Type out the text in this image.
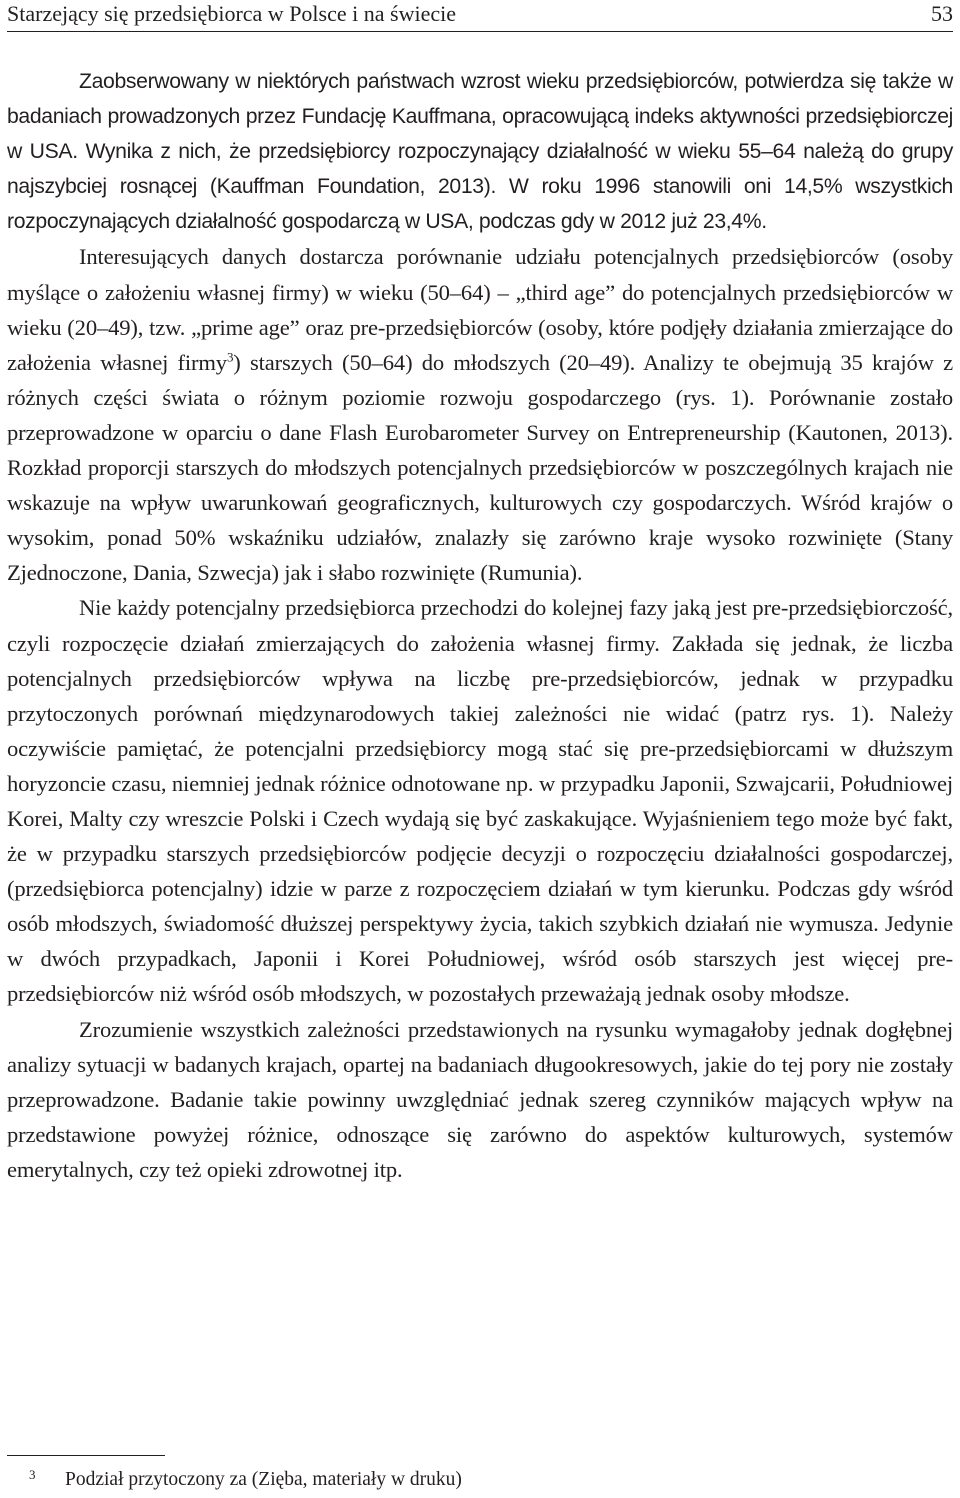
Starzejący się przedsiębiorca w Polsce i na świecie	53

Zaobserwowany w niektórych państwach wzrost wieku przedsiębiorców, potwierdza się także w badaniach prowadzonych przez Fundację Kauffmana, opracowującą indeks aktywności przedsiębiorczej w USA. Wynika z nich, że przedsiębiorcy rozpoczynający działalność w wieku 55–64 należą do grupy najszybciej rosnącej (Kauffman Foundation, 2013). W roku 1996 stanowili oni 14,5% wszystkich rozpoczynających działalność gospodarczą w USA, podczas gdy w 2012 już 23,4%.

Interesujących danych dostarcza porównanie udziału potencjalnych przedsiębiorców (osoby myślące o założeniu własnej firmy) w wieku (50–64) – „third age” do potencjalnych przedsiębiorców w wieku (20–49), tzw. „prime age” oraz pre-przedsiębiorców (osoby, które podjęły działania zmierzające do założenia własnej firmy$^3$) starszych (50–64) do młodszych (20–49). Analizy te obejmują 35 krajów z różnych części świata o różnym poziomie rozwoju gospodarczego (rys. 1). Porównanie zostało przeprowadzone w oparciu o dane Flash Eurobarometer Survey on Entrepreneurship (Kautonen, 2013). Rozkład proporcji starszych do młodszych potencjalnych przedsiębiorców w poszczególnych krajach nie wskazuje na wpływ uwarunkowań geograficznych, kulturowych czy gospodarczych. Wśród krajów o wysokim, ponad 50% wskaźniku udziałów, znalazły się zarówno kraje wysoko rozwinięte (Stany Zjednoczone, Dania, Szwecja) jak i słabo rozwinięte (Rumunia).

Nie każdy potencjalny przedsiębiorca przechodzi do kolejnej fazy jaką jest pre-przedsiębiorczość, czyli rozpoczęcie działań zmierzających do założenia własnej firmy. Zakłada się jednak, że liczba potencjalnych przedsiębiorców wpływa na liczbę pre-przedsiębiorców, jednak w przypadku przytoczonych porównań międzynarodowych takiej zależności nie widać (patrz rys. 1). Należy oczywiście pamiętać, że potencjalni przedsiębiorcy mogą stać się pre-przedsiębiorcami w dłuższym horyzoncie czasu, niemniej jednak różnice odnotowane np. w przypadku Japonii, Szwajcarii, Południowej Korei, Malty czy wreszcie Polski i Czech wydają się być zaskakujące. Wyjaśnieniem tego może być fakt, że w przypadku starszych przedsiębiorców podjęcie decyzji o rozpoczęciu działalności gospodarczej, (przedsiębiorca potencjalny) idzie w parze z rozpoczęciem działań w tym kierunku. Podczas gdy wśród osób młodszych, świadomość dłuższej perspektywy życia, takich szybkich działań nie wymusza. Jedynie w dwóch przypadkach, Japonii i Korei Południowej, wśród osób starszych jest więcej pre-przedsiębiorców niż wśród osób młodszych, w pozostałych przeważają jednak osoby młodsze.

Zrozumienie wszystkich zależności przedstawionych na rysunku wymagałoby jednak dogłębnej analizy sytuacji w badanych krajach, opartej na badaniach długookresowych, jakie do tej pory nie zostały przeprowadzone. Badanie takie powinny uwzględniać jednak szereg czynników mających wpływ na przedstawione powyżej różnice, odnoszące się zarówno do aspektów kulturowych, systemów emerytalnych, czy też opieki zdrowotnej itp.

3 Podział przytoczony za (Zięba, materiały w druku)
